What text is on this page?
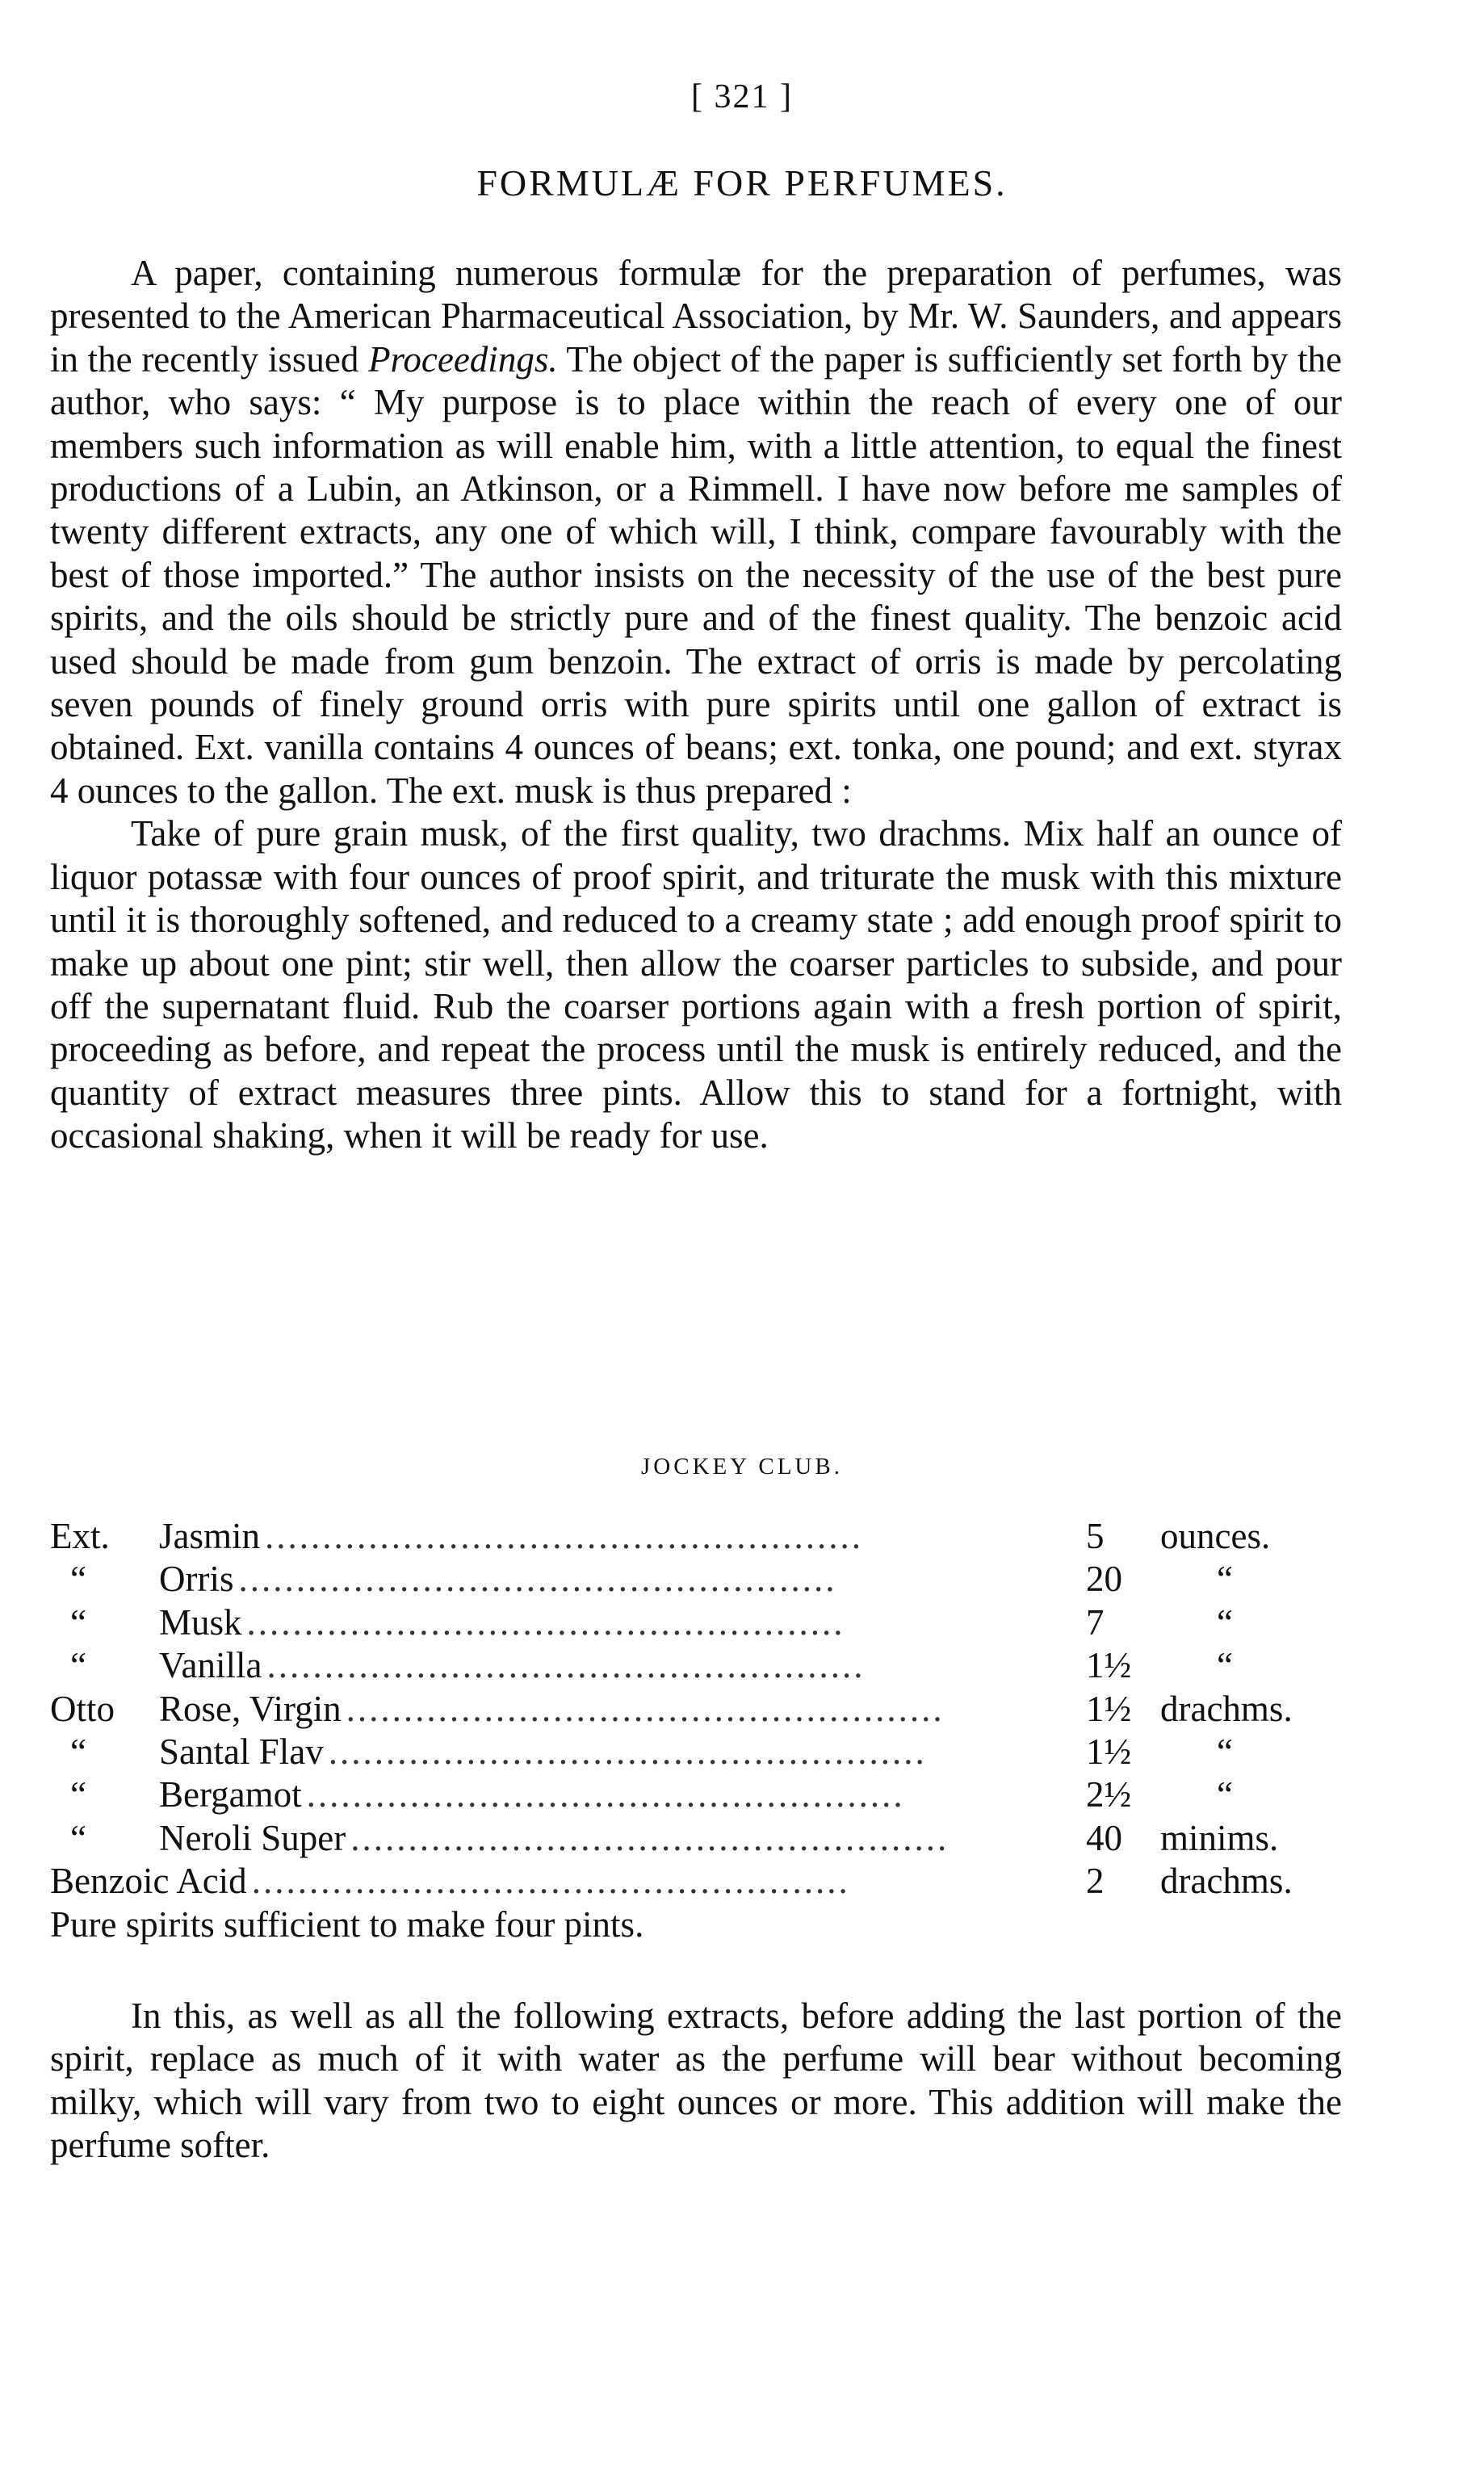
[ 321 ]
FORMULÆ FOR PERFUMES.

A paper, containing numerous formulæ for the preparation of perfumes, was presented to the American Pharmaceutical Association, by Mr. W. Saunders, and appears in the recently issued Proceedings. The object of the paper is sufficiently set forth by the author, who says: “ My purpose is to place within the reach of every one of our members such information as will enable him, with a little attention, to equal the finest productions of a Lubin, an Atkinson, or a Rimmell. I have now before me samples of twenty different extracts, any one of which will, I think, compare favourably with the best of those imported.” The author insists on the necessity of the use of the best pure spirits, and the oils should be strictly pure and of the finest quality. The benzoic acid used should be made from gum benzoin. The extract of orris is made by percolating seven pounds of finely ground orris with pure spirits until one gallon of extract is obtained. Ext. vanilla contains 4 ounces of beans; ext. tonka, one pound; and ext. styrax 4 ounces to the gallon. The ext. musk is thus prepared :

Take of pure grain musk, of the first quality, two drachms. Mix half an ounce of liquor potassæ with four ounces of proof spirit, and triturate the musk with this mixture until it is thoroughly softened, and reduced to a creamy state ; add enough proof spirit to make up about one pint; stir well, then allow the coarser particles to subside, and pour off the supernatant fluid. Rub the coarser portions again with a fresh portion of spirit, proceeding as before, and repeat the process until the musk is entirely reduced, and the quantity of extract measures three pints. Allow this to stand for a fortnight, with occasional shaking, when it will be ready for use.

JOCKEY CLUB.
Ext.	Jasmin ....................................................	5	ounces.
“	Orris ....................................................	20	“
“	Musk ....................................................	7	“
“	Vanilla ....................................................	1½	“
Otto	Rose, Virgin ....................................................	1½ drachms.
“	Santal Flav ....................................................	1½	“
“	Bergamot ....................................................	2½	“
“	Neroli Super ....................................................	40	minims.
Benzoic Acid ....................................................	2	drachms.
Pure spirits sufficient to make four pints.

In this, as well as all the following extracts, before adding the last portion of the spirit, replace as much of it with water as the perfume will bear without becoming milky, which will vary from two to eight ounces or more. This addition will make the perfume softer.
